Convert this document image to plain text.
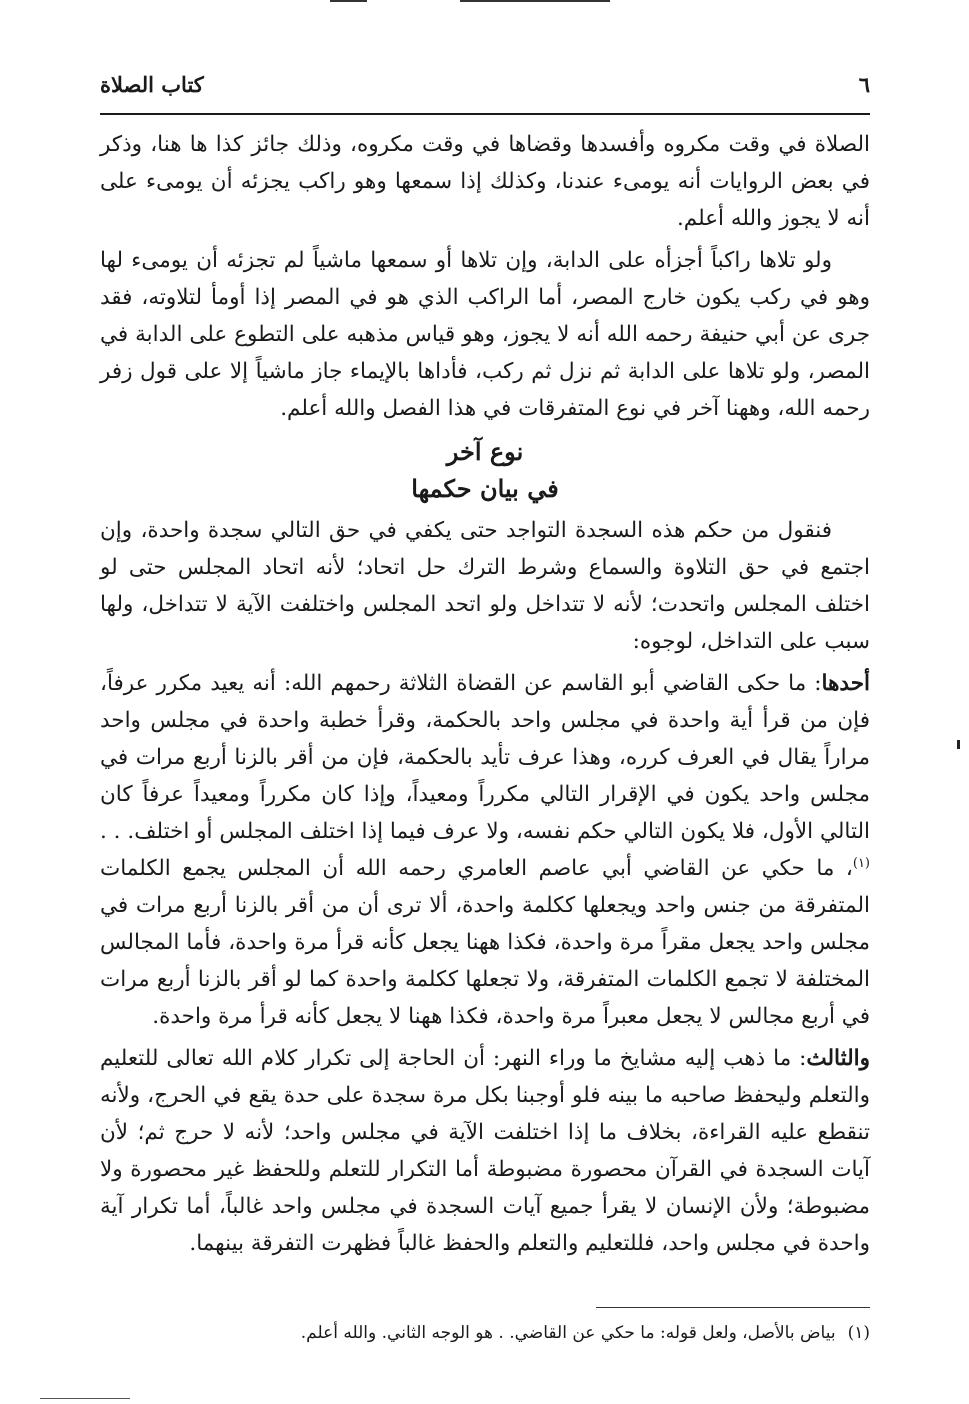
٦
كتاب الصلاة

الصلاة في وقت مكروه وأفسدها وقضاها في وقت مكروه، وذلك جائز كذا ها هنا، وذكر في بعض الروايات أنه يومىء عندنا، وكذلك إذا سمعها وهو راكب يجزئه أن يومىء على أنه لا يجوز والله أعلم.

ولو تلاها راكباً أجزأه على الدابة، وإن تلاها أو سمعها ماشياً لم تجزئه أن يومىء لها وهو في ركب يكون خارج المصر، أما الراكب الذي هو في المصر إذا أومأ لتلاوته، فقد جرى عن أبي حنيفة رحمه الله أنه لا يجوز، وهو قياس مذهبه على التطوع على الدابة في المصر، ولو تلاها على الدابة ثم نزل ثم ركب، فأداها بالإيماء جاز ماشياً إلا على قول زفر رحمه الله، وههنا آخر في نوع المتفرقات في هذا الفصل والله أعلم.

نوع آخر
في بيان حكمها

فنقول من حكم هذه السجدة التواجد حتى يكفي في حق التالي سجدة واحدة، وإن اجتمع في حق التلاوة والسماع وشرط الترك حل اتحاد؛ لأنه اتحاد المجلس حتى لو اختلف المجلس واتحدت؛ لأنه لا تتداخل ولو اتحد المجلس واختلفت الآية لا تتداخل، ولها سبب على التداخل، لوجوه:

أحدها: ما حكى القاضي أبو القاسم عن القضاة الثلاثة رحمهم الله: أنه يعيد مكرر عرفاً، فإن من قرأ أية واحدة في مجلس واحد بالحكمة، وقرأ خطبة واحدة في مجلس واحد مراراً يقال في العرف كرره، وهذا عرف تأيد بالحكمة، فإن من أقر بالزنا أربع مرات في مجلس واحد يكون في الإقرار التالي مكرراً ومعيداً، وإذا كان مكرراً ومعيداً عرفاً كان التالي الأول، فلا يكون التالي حكم نفسه، ولا عرف فيما إذا اختلف المجلس أو اختلف. . .$^{(١)}$، ما حكي عن القاضي أبي عاصم العامري رحمه الله أن المجلس يجمع الكلمات المتفرقة من جنس واحد ويجعلها ككلمة واحدة، ألا ترى أن من أقر بالزنا أربع مرات في مجلس واحد يجعل مقراً مرة واحدة، فكذا ههنا يجعل كأنه قرأ مرة واحدة، فأما المجالس المختلفة لا تجمع الكلمات المتفرقة، ولا تجعلها ككلمة واحدة كما لو أقر بالزنا أربع مرات في أربع مجالس لا يجعل معبراً مرة واحدة، فكذا ههنا لا يجعل كأنه قرأ مرة واحدة.

والثالث: ما ذهب إليه مشايخ ما وراء النهر: أن الحاجة إلى تكرار كلام الله تعالى للتعليم والتعلم وليحفظ صاحبه ما بينه فلو أوجبنا بكل مرة سجدة على حدة يقع في الحرج، ولأنه تنقطع عليه القراءة، بخلاف ما إذا اختلفت الآية في مجلس واحد؛ لأنه لا حرج ثم؛ لأن آيات السجدة في القرآن محصورة مضبوطة أما التكرار للتعلم وللحفظ غير محصورة ولا مضبوطة؛ ولأن الإنسان لا يقرأ جميع آيات السجدة في مجلس واحد غالباً، أما تكرار آية واحدة في مجلس واحد، فللتعليم والتعلم والحفظ غالباً فظهرت التفرقة بينهما.

(١)بياض بالأصل، ولعل قوله: ما حكي عن القاضي. . هو الوجه الثاني. والله أعلم.
